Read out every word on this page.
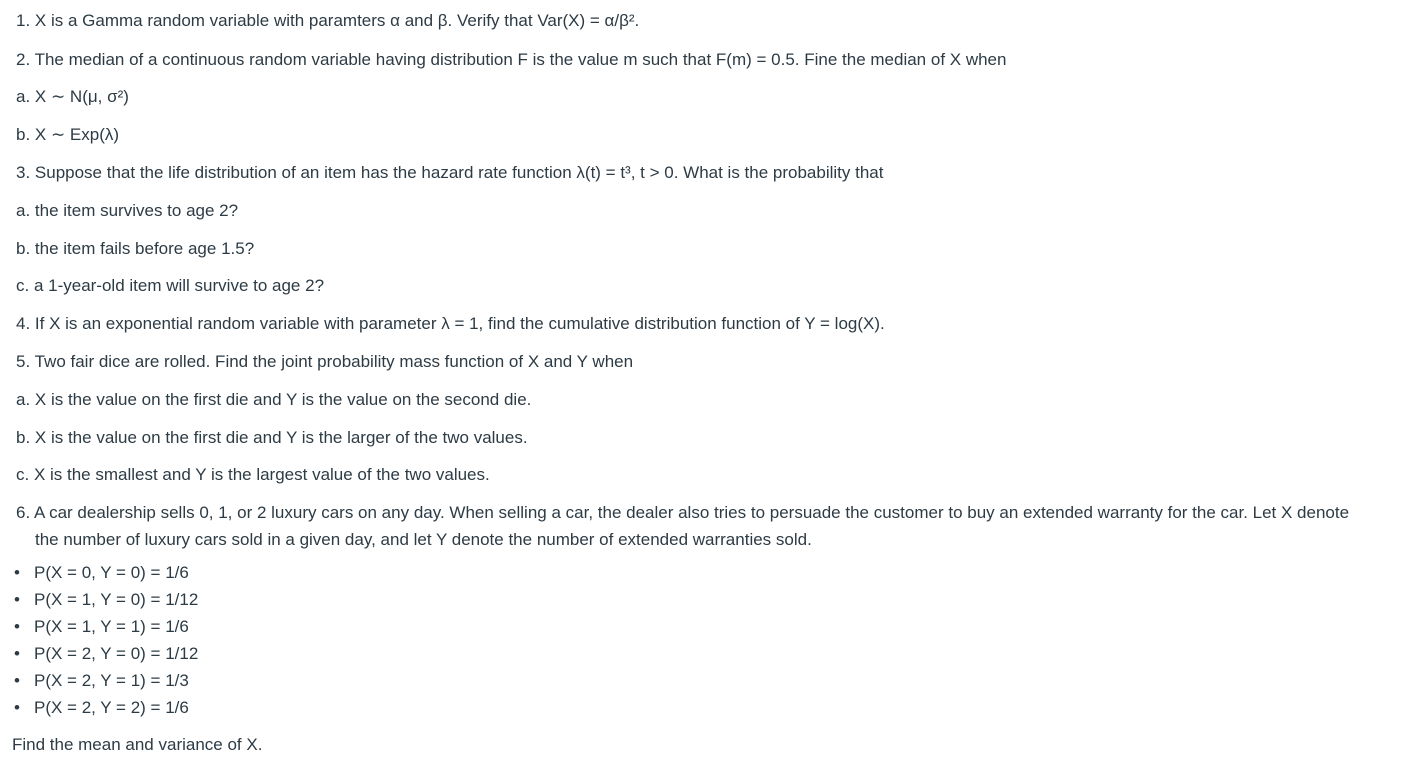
1. X is a Gamma random variable with paramters α and β. Verify that Var(X) = α/β².
2. The median of a continuous random variable having distribution F is the value m such that F(m) = 0.5. Fine the median of X when
a. X ∼ N(μ, σ²)
b. X ∼ Exp(λ)
3. Suppose that the life distribution of an item has the hazard rate function λ(t) = t³, t > 0. What is the probability that
a. the item survives to age 2?
b. the item fails before age 1.5?
c. a 1-year-old item will survive to age 2?
4. If X is an exponential random variable with parameter λ = 1, find the cumulative distribution function of Y = log(X).
5. Two fair dice are rolled. Find the joint probability mass function of X and Y when
a. X is the value on the first die and Y is the value on the second die.
b. X is the value on the first die and Y is the larger of the two values.
c. X is the smallest and Y is the largest value of the two values.
6. A car dealership sells 0, 1, or 2 luxury cars on any day. When selling a car, the dealer also tries to persuade the customer to buy an extended warranty for the car. Let X denote
the number of luxury cars sold in a given day, and let Y denote the number of extended warranties sold.
• P(X = 0, Y = 0) = 1/6
• P(X = 1, Y = 0) = 1/12
• P(X = 1, Y = 1) = 1/6
• P(X = 2, Y = 0) = 1/12
• P(X = 2, Y = 1) = 1/3
• P(X = 2, Y = 2) = 1/6
Find the mean and variance of X.
